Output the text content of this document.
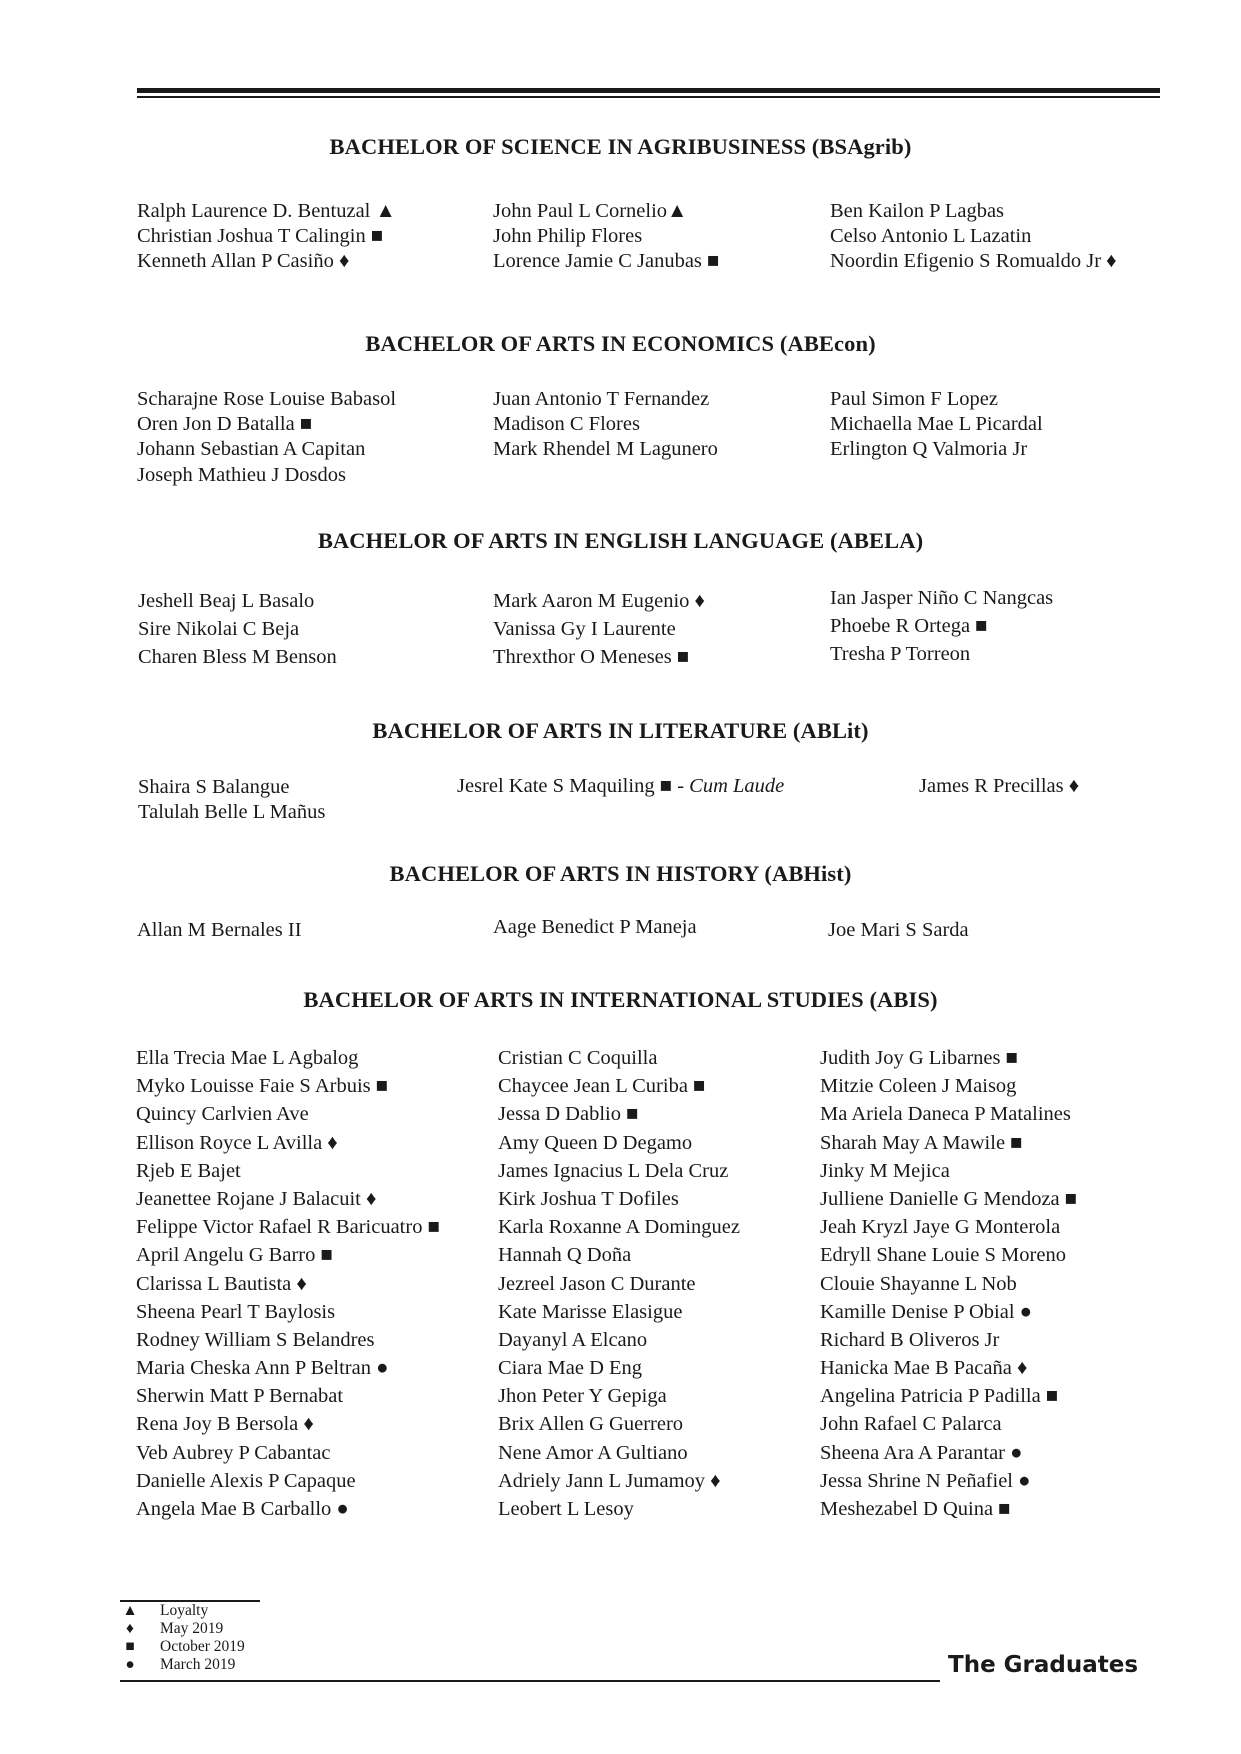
BACHELOR OF SCIENCE IN AGRIBUSINESS (BSAgrib)
Ralph Laurence D. Bentuzal ▲
Christian Joshua T Calingin ■
Kenneth Allan P Casiño ♦
John Paul L Cornelio▲
John Philip Flores
Lorence Jamie C Janubas ■
Ben Kailon P Lagbas
Celso Antonio L Lazatin
Noordin Efigenio S Romualdo Jr ♦
BACHELOR OF ARTS IN ECONOMICS (ABEcon)
Scharajne Rose Louise Babasol
Oren Jon D Batalla ■
Johann Sebastian A Capitan
Joseph Mathieu J Dosdos
Juan Antonio T Fernandez
Madison C Flores
Mark Rhendel M Lagunero
Paul Simon F Lopez
Michaella Mae L Picardal
Erlington Q Valmoria Jr
BACHELOR OF ARTS IN ENGLISH LANGUAGE (ABELA)
Jeshell Beaj L Basalo
Sire Nikolai C Beja
Charen Bless M Benson
Mark Aaron M Eugenio ♦
Vanissa Gy I Laurente
Threxthor O Meneses ■
Ian Jasper Niño C Nangcas
Phoebe R Ortega ■
Tresha P Torreon
BACHELOR OF ARTS IN LITERATURE (ABLit)
Shaira S Balangue
Talulah Belle L Mañus
Jesrel Kate S Maquiling ■ - Cum Laude	James R Precillas ♦
BACHELOR OF ARTS IN HISTORY (ABHist)
Allan M Bernales II	Aage Benedict P Maneja	Joe Mari S Sarda
BACHELOR OF ARTS IN INTERNATIONAL STUDIES (ABIS)
Ella Trecia Mae L Agbalog
Myko Louisse Faie S Arbuis ■
Quincy Carlvien Ave
Ellison Royce L Avilla ♦
Rjeb E Bajet
Jeanettee Rojane J Balacuit ♦
Felippe Victor Rafael R Baricuatro ■
April Angelu G Barro ■
Clarissa L Bautista ♦
Sheena Pearl T Baylosis
Rodney William S Belandres
Maria Cheska Ann P Beltran ●
Sherwin Matt P Bernabat
Rena Joy B Bersola ♦
Veb Aubrey P Cabantac
Danielle Alexis P Capaque
Angela Mae B Carballo ●
Cristian C Coquilla
Chaycee Jean L Curiba ■
Jessa D Dablio ■
Amy Queen D Degamo
James Ignacius L Dela Cruz
Kirk Joshua T Dofiles
Karla Roxanne A Dominguez
Hannah Q Doña
Jezreel Jason C Durante
Kate Marisse Elasigue
Dayanyl A Elcano
Ciara Mae D Eng
Jhon Peter Y Gepiga
Brix Allen G Guerrero
Nene Amor A Gultiano
Adriely Jann L Jumamoy ♦
Leobert L Lesoy
Judith Joy G Libarnes ■
Mitzie Coleen J Maisog
Ma Ariela Daneca P Matalines
Sharah May A Mawile ■
Jinky M Mejica
Julliene Danielle G Mendoza ■
Jeah Kryzl Jaye G Monterola
Edryll Shane Louie S Moreno
Clouie Shayanne L Nob
Kamille Denise P Obial ●
Richard B Oliveros Jr
Hanicka Mae B Pacaña ♦
Angelina Patricia P Padilla ■
John Rafael C Palarca
Sheena Ara A Parantar ●
Jessa Shrine N Peñafiel ●
Meshezabel D Quina ■
▲ Loyalty
♦	May 2019
■	October 2019
●	March 2019	The Graduates
